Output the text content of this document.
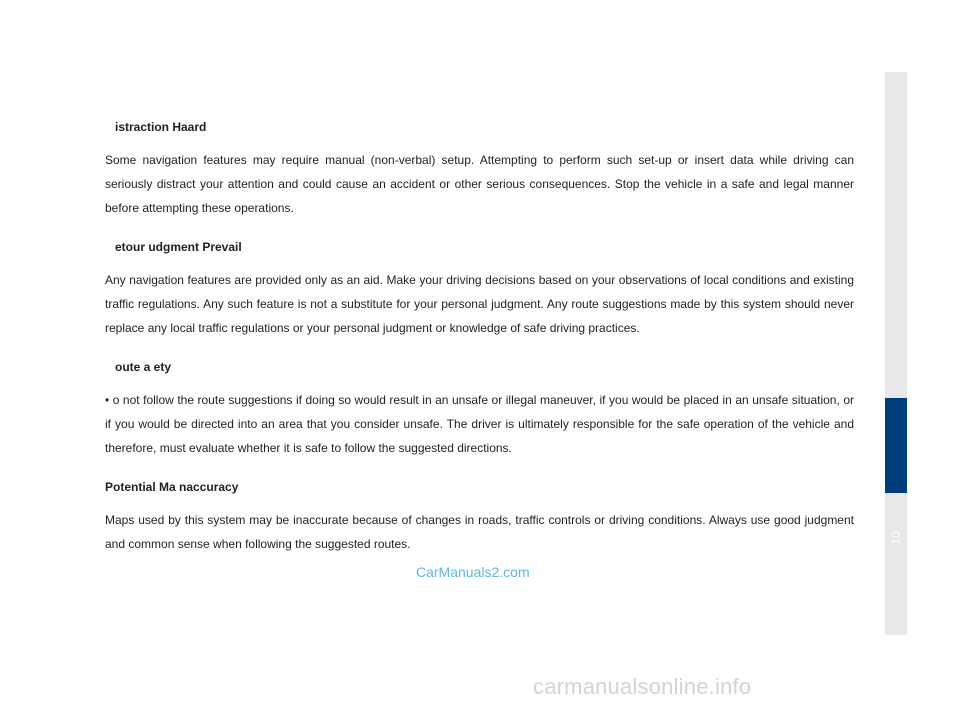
istraction Haard

Some navigation features may require manual (non-verbal) setup. Attempting to perform such set-up or insert data while driving can seriously distract your attention and could cause an accident or other serious consequences. Stop the vehicle in a safe and legal manner before attempting these operations.

etour udgment Prevail

Any navigation features are provided only as an aid. Make your driving decisions based on your observations of local conditions and existing traffic regulations. Any such feature is not a substitute for your personal judgment. Any route suggestions made by this system should never replace any local traffic regulations or your personal judgment or knowledge of safe driving practices.

oute a ety

• o not follow the route suggestions if doing so would result in an unsafe or illegal maneuver, if you would be placed in an unsafe situation, or if you would be directed into an area that you consider unsafe. The driver is ultimately responsible for the safe operation of the vehicle and therefore, must evaluate whether it is safe to follow the suggested directions.

Potential Ma naccuracy

Maps used by this system may be inaccurate because of changes in roads, traffic controls or driving conditions. Always use good judgment and common sense when following the suggested routes.

CarManuals2.com
10
carmanualsonline.info
